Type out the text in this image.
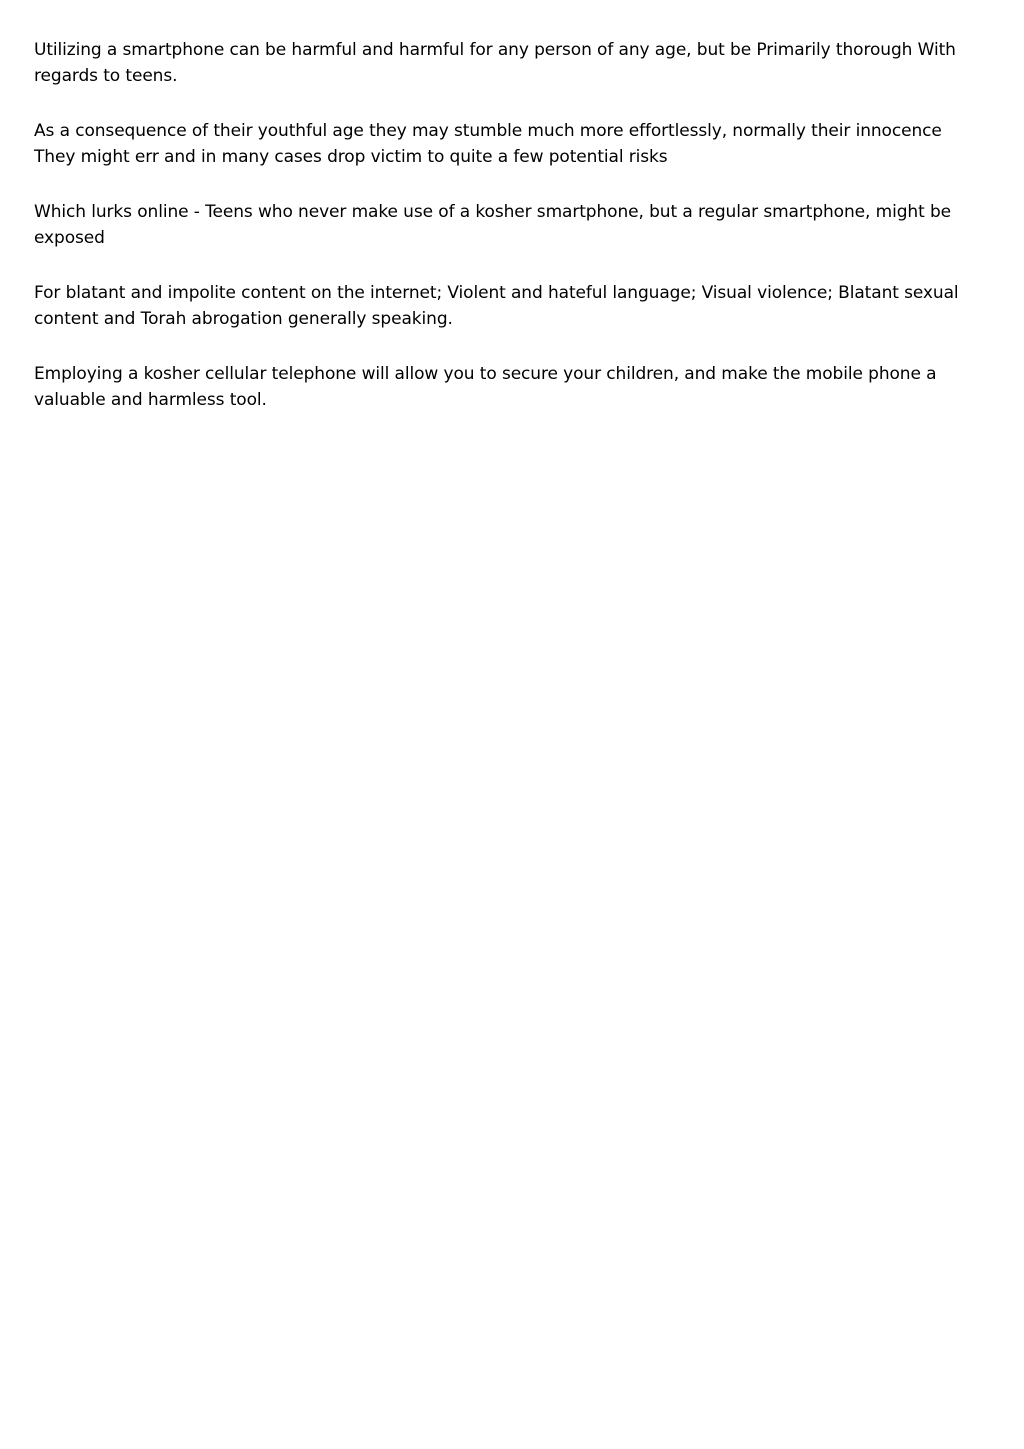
Utilizing a smartphone can be harmful and harmful for any person of any age, but be Primarily thorough With regards to teens.

As a consequence of their youthful age they may stumble much more effortlessly, normally their innocence They might err and in many cases drop victim to quite a few potential risks

Which lurks online - Teens who never make use of a kosher smartphone, but a regular smartphone, might be exposed

For blatant and impolite content on the internet; Violent and hateful language; Visual violence; Blatant sexual content and Torah abrogation generally speaking.

Employing a kosher cellular telephone will allow you to secure your children, and make the mobile phone a valuable and harmless tool.
